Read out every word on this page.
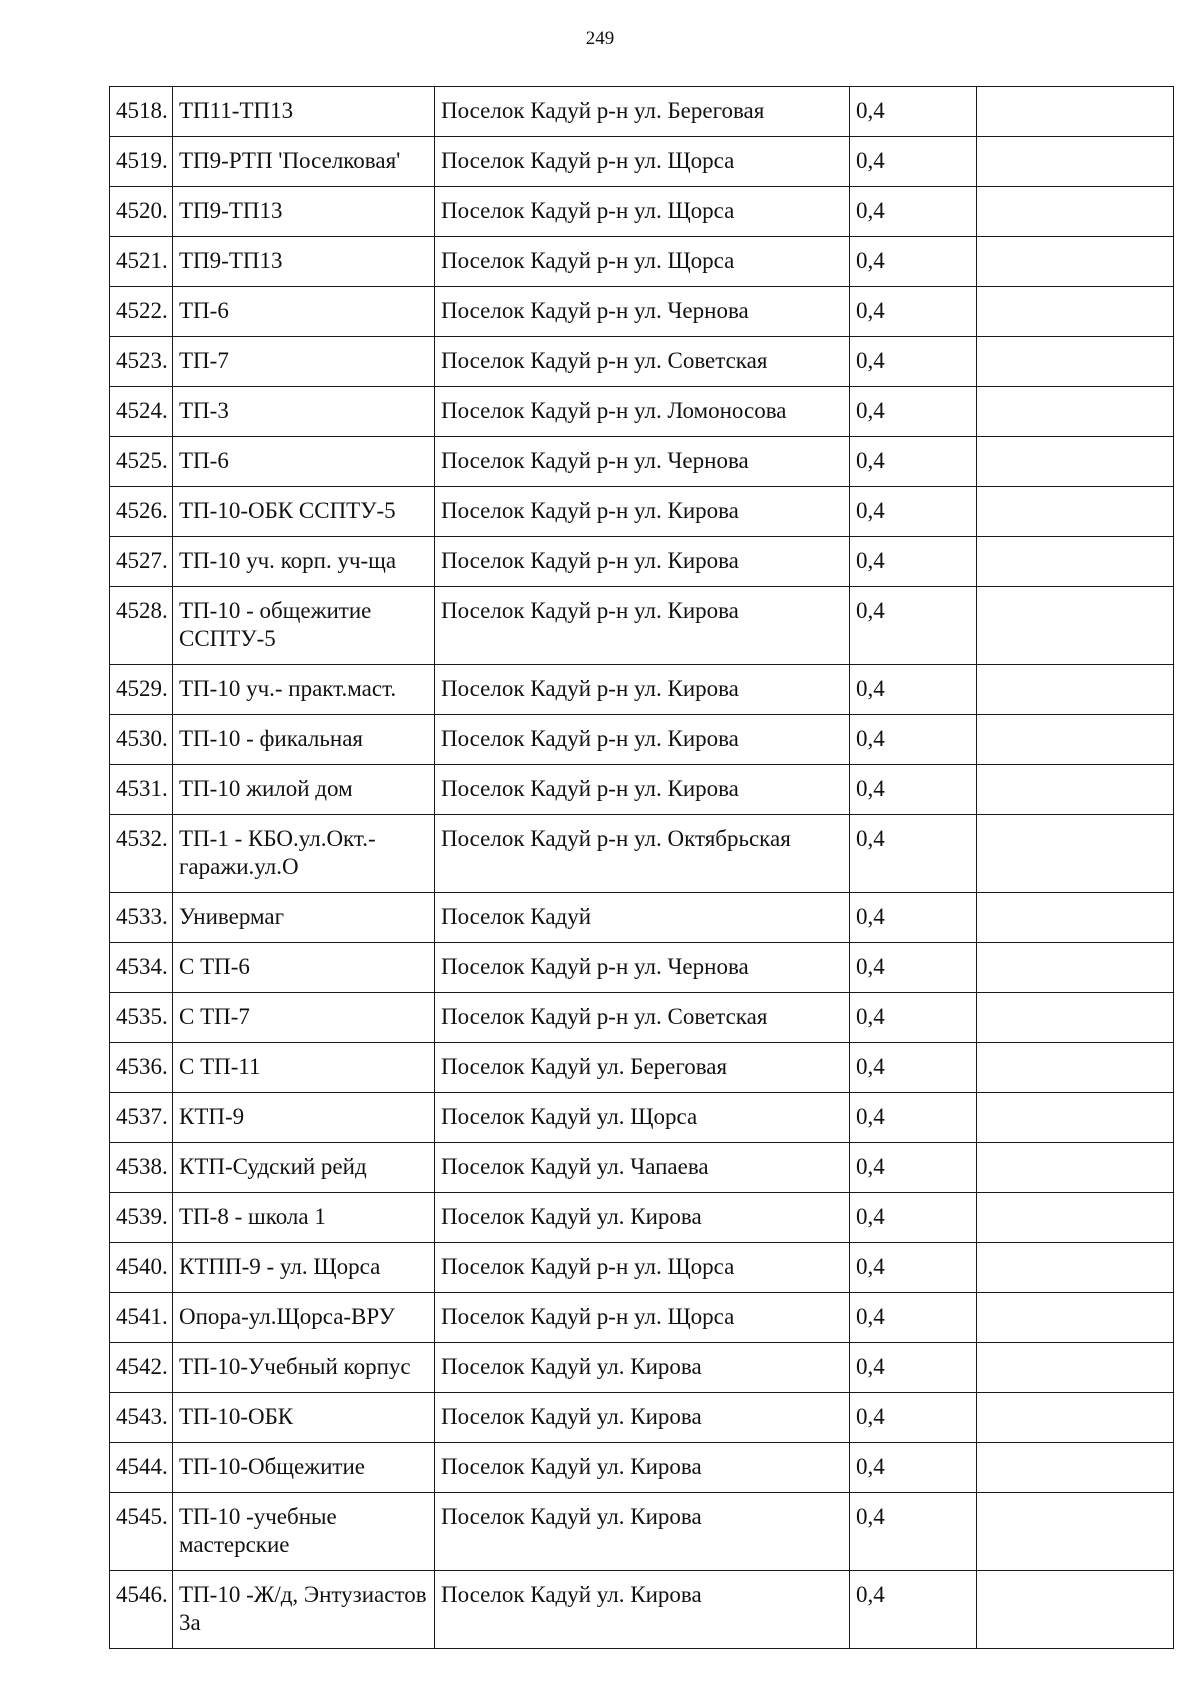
249
4518.	ТП11-ТП13	Поселок Кадуй р-н ул. Береговая	0,4	
4519.	ТП9-РТП 'Поселковая'	Поселок Кадуй р-н ул. Щорса	0,4	
4520.	ТП9-ТП13	Поселок Кадуй р-н ул. Щорса	0,4	
4521.	ТП9-ТП13	Поселок Кадуй р-н ул. Щорса	0,4	
4522.	ТП-6	Поселок Кадуй р-н ул. Чернова	0,4	
4523.	ТП-7	Поселок Кадуй р-н ул. Советская	0,4	
4524.	ТП-3	Поселок Кадуй р-н ул. Ломоносова	0,4	
4525.	ТП-6	Поселок Кадуй р-н ул. Чернова	0,4	
4526.	ТП-10-ОБК ССПТУ-5	Поселок Кадуй р-н ул. Кирова	0,4	
4527.	ТП-10 уч. корп. уч-ща	Поселок Кадуй р-н ул. Кирова	0,4	
4528.	ТП-10 - общежитие ССПТУ-5	Поселок Кадуй р-н ул. Кирова	0,4	
4529.	ТП-10 уч.- практ.маст.	Поселок Кадуй р-н ул. Кирова	0,4	
4530.	ТП-10 - фикальная	Поселок Кадуй р-н ул. Кирова	0,4	
4531.	ТП-10 жилой дом	Поселок Кадуй р-н ул. Кирова	0,4	
4532.	ТП-1 - КБО.ул.Окт.-гаражи.ул.О	Поселок Кадуй р-н ул. Октябрьская	0,4	
4533.	Универмаг	Поселок Кадуй	0,4	
4534.	С ТП-6	Поселок Кадуй р-н ул. Чернова	0,4	
4535.	С ТП-7	Поселок Кадуй р-н ул. Советская	0,4	
4536.	С ТП-11	Поселок Кадуй ул. Береговая	0,4	
4537.	КТП-9	Поселок Кадуй ул. Щорса	0,4	
4538.	КТП-Судский рейд	Поселок Кадуй ул. Чапаева	0,4	
4539.	ТП-8 - школа 1	Поселок Кадуй ул. Кирова	0,4	
4540.	КТПП-9 - ул. Щорса	Поселок Кадуй р-н ул. Щорса	0,4	
4541.	Опора-ул.Щорса-ВРУ	Поселок Кадуй р-н ул. Щорса	0,4	
4542.	ТП-10-Учебный корпус	Поселок Кадуй ул. Кирова	0,4	
4543.	ТП-10-ОБК	Поселок Кадуй ул. Кирова	0,4	
4544.	ТП-10-Общежитие	Поселок Кадуй ул. Кирова	0,4	
4545.	ТП-10 -учебные мастерские	Поселок Кадуй ул. Кирова	0,4	
4546.	ТП-10 -Ж/д, Энтузиастов 3а	Поселок Кадуй ул. Кирова	0,4	
